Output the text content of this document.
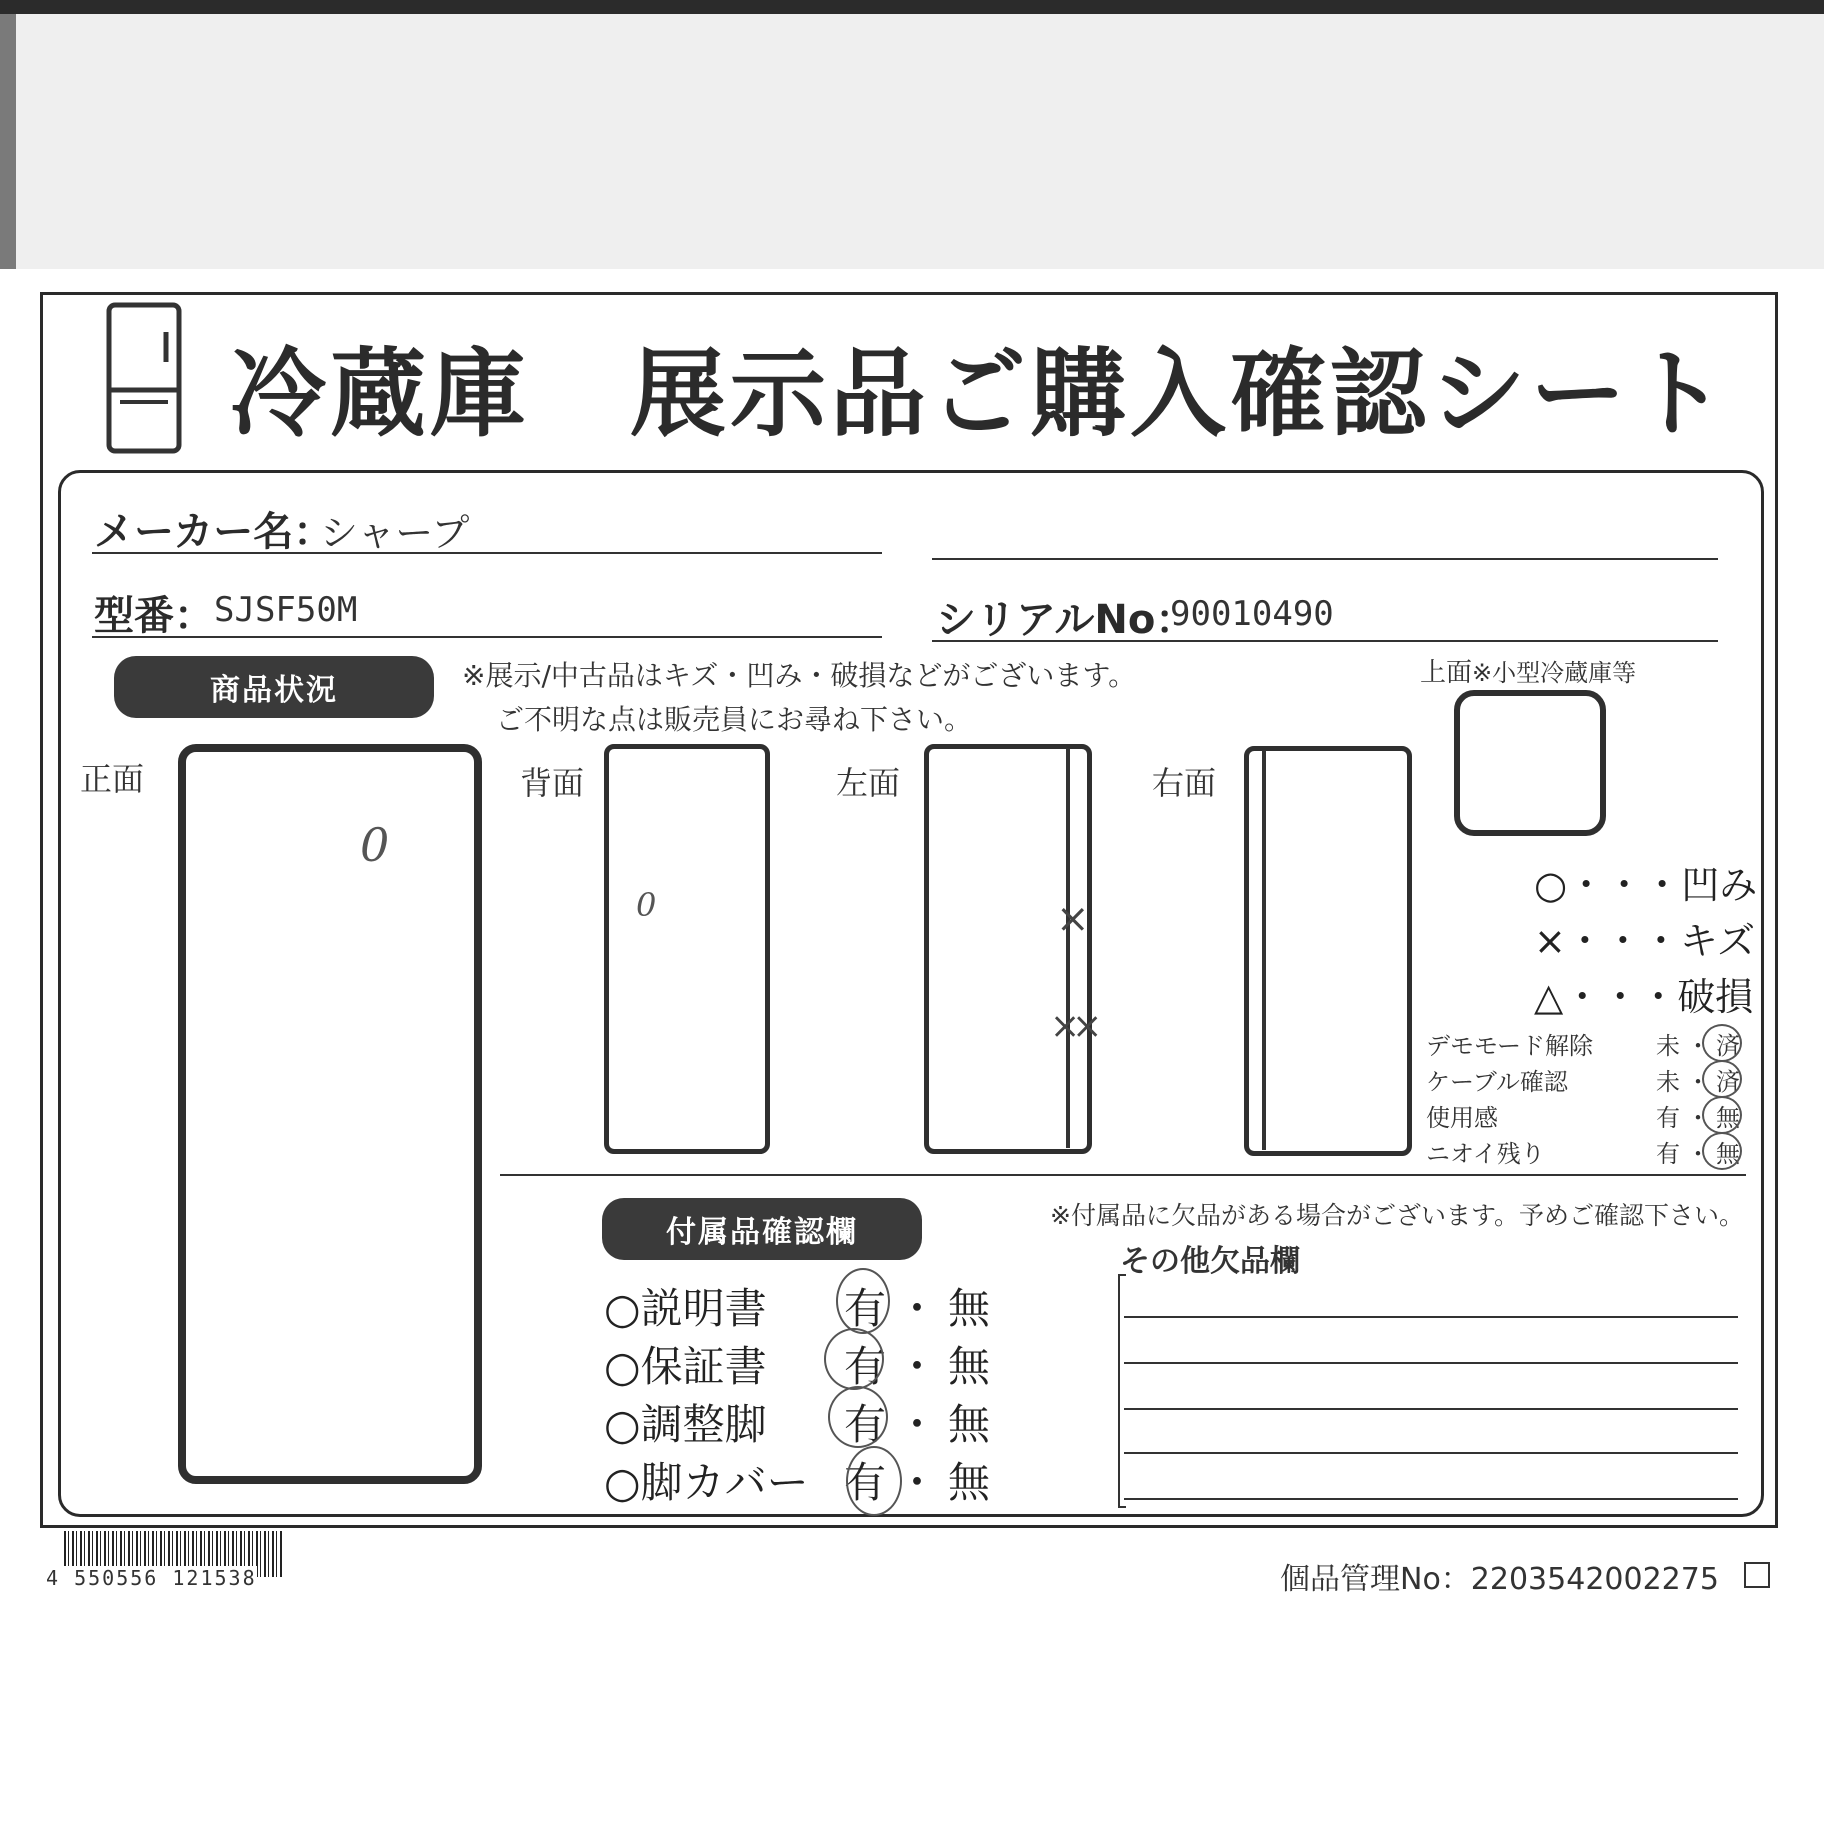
冷蔵庫　展示品ご購入確認シート
メーカー名：
シャープ
型番： SJSF50M	シリアルNo：
90010490
商品状況	※展示/中古品はキズ・凹み・破損などがございます。
ご不明な点は販売員にお尋ね下さい。
正面
0
背面
0
左面
×
××
右面
上面※小型冷蔵庫等
○・・・凹み
×・・・キズ
△・・・破損
デモモード解除	未・済
ケーブル確認	未・済
使用感	有・無
ニオイ残り	有・無
付属品確認欄	※付属品に欠品がある場合がございます。予めご確認下さい。
その他欠品欄
○説明書	有・無
○保証書	有・無
○調整脚	有・無
○脚カバー 有・無
4 550556 121538	個品管理No：2203542002275
